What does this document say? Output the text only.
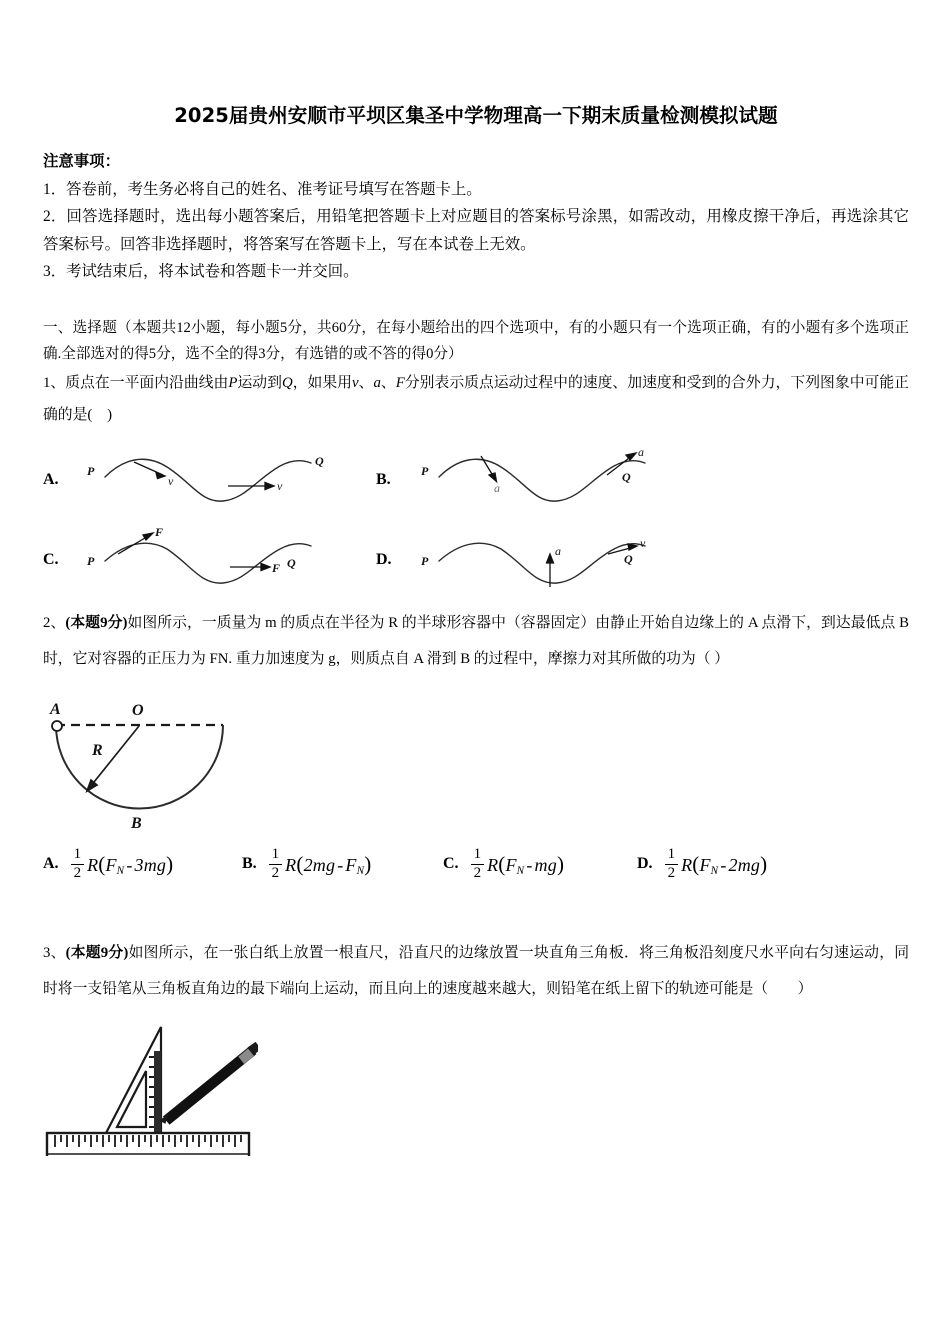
2025届贵州安顺市平坝区集圣中学物理高一下期末质量检测模拟试题
注意事项：
1．答卷前，考生务必将自己的姓名、准考证号填写在答题卡上。
2．回答选择题时，选出每小题答案后，用铅笔把答题卡上对应题目的答案标号涂黑，如需改动，用橡皮擦干净后，再选涂其它答案标号。回答非选择题时，将答案写在答题卡上，写在本试卷上无效。
3．考试结束后，将本试卷和答题卡一并交回。
一、选择题（本题共12小题，每小题5分，共60分，在每小题给出的四个选项中，有的小题只有一个选项正确，有的小题有多个选项正确.全部选对的得5分，选不全的得3分，有选错的或不答的得0分）
1、质点在一平面内沿曲线由P运动到Q，如果用v、a、F分别表示质点运动过程中的速度、加速度和受到的合外力，下列图象中可能正确的是(　)
A. P
v	v
Q
B.	P
a
a
Q
C. P
F
F Q	D. P
a
v
Q
2、(本题9分)如图所示，一质量为 m 的质点在半径为 R 的半球形容器中（容器固定）由静止开始自边缘上的 A 点滑下，到达最低点 B 时，它对容器的正压力为 FN. 重力加速度为 g，则质点自 A 滑到 B 的过程中，摩擦力对其所做的功为（ ）
A	O
R
B
A. $\frac{1}{2} R(FN - 3mg)$	B. $\frac{1}{2} R(2mg - FN)$	C. $\frac{1}{2} R(FN - mg)$	D. $\frac{1}{2} R(FN - 2mg)$
3、(本题9分)如图所示，在一张白纸上放置一根直尺，沿直尺的边缘放置一块直角三角板．将三角板沿刻度尺水平向右匀速运动，同时将一支铅笔从三角板直角边的最下端向上运动，而且向上的速度越来越大，则铅笔在纸上留下的轨迹可能是（　　）
